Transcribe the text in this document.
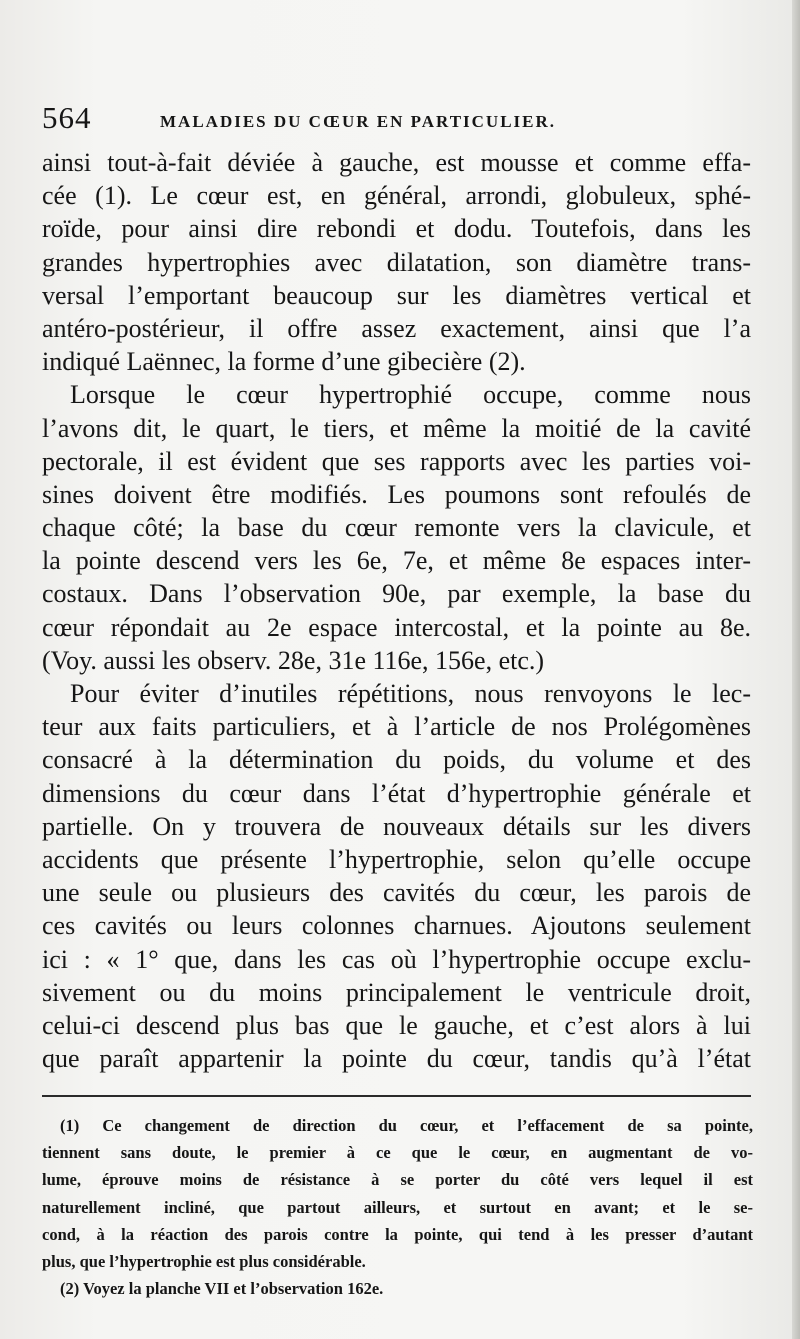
564	MALADIES DU CŒUR EN PARTICULIER.
ainsi tout-à-fait déviée à gauche, est mousse et comme effa-
cée (1). Le cœur est, en général, arrondi, globuleux, sphé-
roïde, pour ainsi dire rebondi et dodu. Toutefois, dans les
grandes hypertrophies avec dilatation, son diamètre trans-
versal l’emportant beaucoup sur les diamètres vertical et
antéro-postérieur, il offre assez exactement, ainsi que l’a
indiqué Laënnec, la forme d’une gibecière (2).
Lorsque le cœur hypertrophié occupe, comme nous
l’avons dit, le quart, le tiers, et même la moitié de la cavité
pectorale, il est évident que ses rapports avec les parties voi-
sines doivent être modifiés. Les poumons sont refoulés de
chaque côté; la base du cœur remonte vers la clavicule, et
la pointe descend vers les 6e, 7e, et même 8e espaces inter-
costaux. Dans l’observation 90e, par exemple, la base du
cœur répondait au 2e espace intercostal, et la pointe au 8e.
(Voy. aussi les observ. 28e, 31e 116e, 156e, etc.)
Pour éviter d’inutiles répétitions, nous renvoyons le lec-
teur aux faits particuliers, et à l’article de nos Prolégomènes
consacré à la détermination du poids, du volume et des
dimensions du cœur dans l’état d’hypertrophie générale et
partielle. On y trouvera de nouveaux détails sur les divers
accidents que présente l’hypertrophie, selon qu’elle occupe
une seule ou plusieurs des cavités du cœur, les parois de
ces cavités ou leurs colonnes charnues. Ajoutons seulement
ici : « 1° que, dans les cas où l’hypertrophie occupe exclu-
sivement ou du moins principalement le ventricule droit,
celui-ci descend plus bas que le gauche, et c’est alors à lui
que paraît appartenir la pointe du cœur, tandis qu’à l’état
(1) Ce changement de direction du cœur, et l’effacement de sa pointe,
tiennent sans doute, le premier à ce que le cœur, en augmentant de vo-
lume, éprouve moins de résistance à se porter du côté vers lequel il est
naturellement incliné, que partout ailleurs, et surtout en avant; et le se-
cond, à la réaction des parois contre la pointe, qui tend à les presser d’autant
plus, que l’hypertrophie est plus considérable.
(2) Voyez la planche VII et l’observation 162e.
